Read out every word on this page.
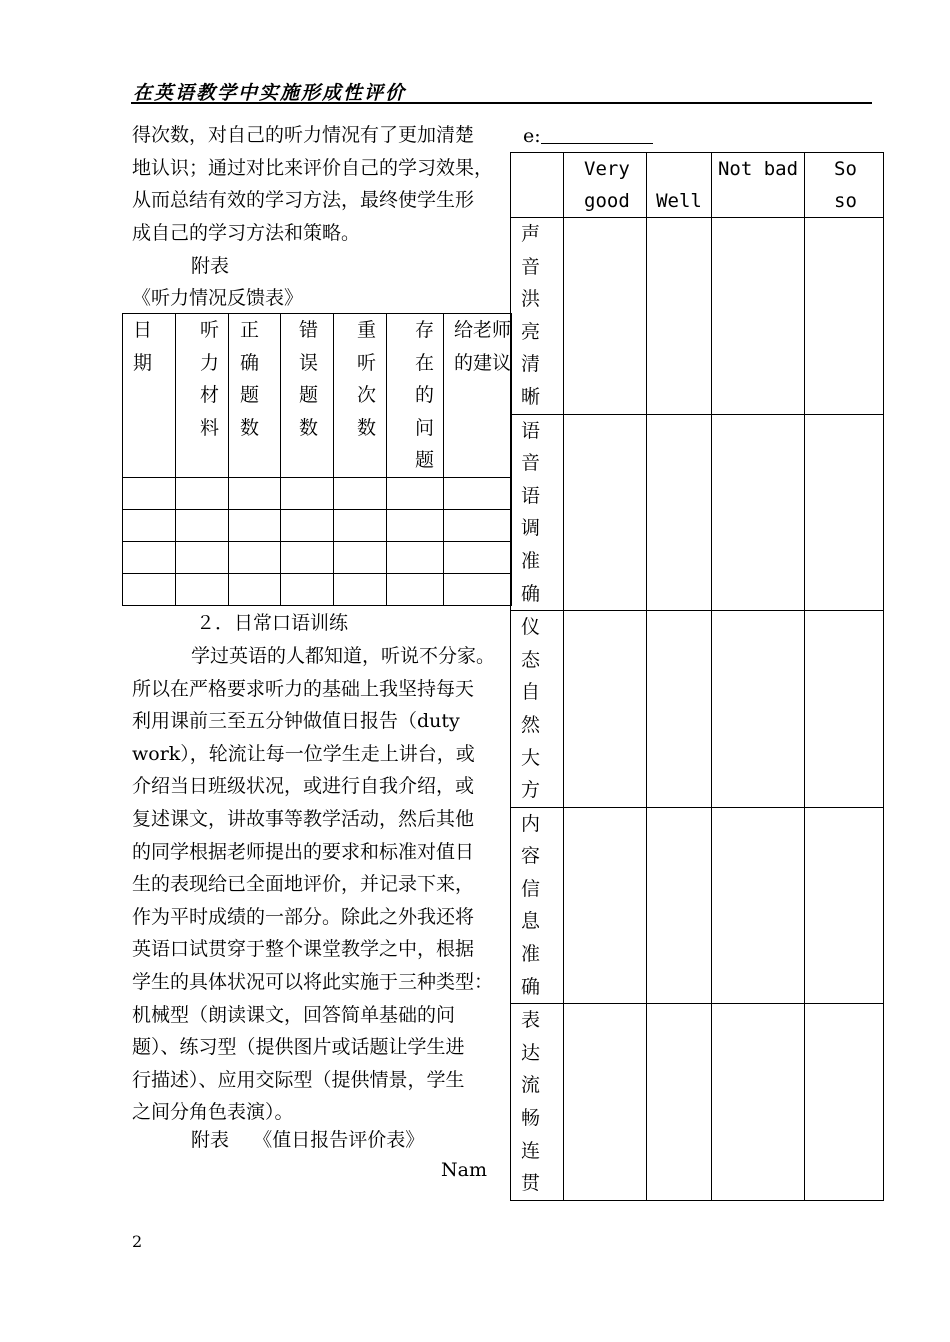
在英语教学中实施形成性评价
得次数，对自己的听力情况有了更加清楚
地认识；通过对比来评价自己的学习效果，
从而总结有效的学习方法，最终使学生形
成自己的学习方法和策略。
附表
《听力情况反馈表》
日期	听力材料	正确题数	错误题数	重听次数	存在的问题	给老师的建议

２．日常口语训练
学过英语的人都知道，听说不分家。
所以在严格要求听力的基础上我坚持每天
利用课前三至五分钟做值日报告（duty
work），轮流让每一位学生走上讲台，或
介绍当日班级状况，或进行自我介绍，或
复述课文，讲故事等教学活动，然后其他
的同学根据老师提出的要求和标准对值日
生的表现给已全面地评价，并记录下来，
作为平时成绩的一部分。除此之外我还将
英语口试贯穿于整个课堂教学之中，根据
学生的具体状况可以将此实施于三种类型：
机械型（朗读课文，回答简单基础的问
题）、练习型（提供图片或话题让学生进
行描述）、应用交际型（提供情景，学生
之间分角色表演）。
附表 《值日报告评价表》
Nam
e:

	Very good	Well	Not bad	So so

声音洪亮清晰				

语音语调准确				

仪态自然大方				

内容信息准确				

表达流畅连贯				

2
